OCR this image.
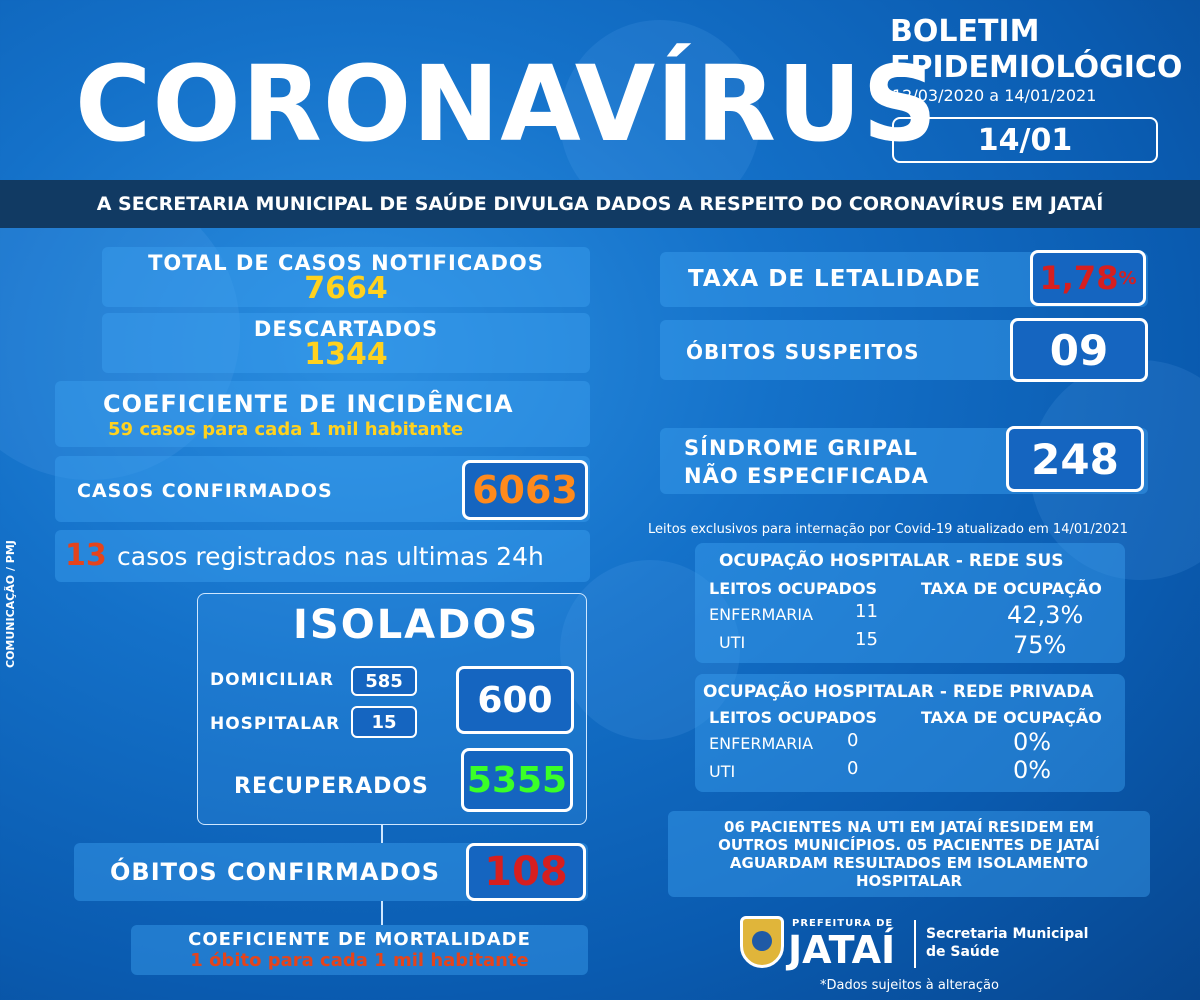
CORONAVÍRUS
BOLETIM
EPIDEMIOLÓGICO
12/03/2020 a 14/01/2021
14/01
A SECRETARIA MUNICIPAL DE SAÚDE DIVULGA DADOS A RESPEITO DO CORONAVÍRUS EM JATAÍ
TOTAL DE CASOS NOTIFICADOS
7664
DESCARTADOS
1344
COEFICIENTE DE INCIDÊNCIA
59 casos para cada 1 mil habitante
CASOS CONFIRMADOS	6063
13 casos registrados nas ultimas 24h
ISOLADOS
DOMICILIAR	585
HOSPITALAR	15
600
RECUPERADOS 5355
ÓBITOS CONFIRMADOS	108
COEFICIENTE DE MORTALIDADE
1 óbito para cada 1 mil habitante
TAXA DE LETALIDADE 1,78 %
ÓBITOS SUSPEITOS	09
SÍNDROME GRIPAL
NÃO ESPECIFICADA	248
Leitos exclusivos para internação por Covid-19 atualizado em 14/01/2021
OCUPAÇÃO HOSPITALAR - REDE SUS
LEITOS OCUPADOS	TAXA DE OCUPAÇÃO
ENFERMARIA 11	42,3%
UTI	15	75%
OCUPAÇÃO HOSPITALAR - REDE PRIVADA
LEITOS OCUPADOS	TAXA DE OCUPAÇÃO
ENFERMARIA 0	0%
UTI	0	0%
06 PACIENTES NA UTI EM JATAÍ RESIDEM EM
OUTROS MUNICÍPIOS. 05 PACIENTES DE JATAÍ
AGUARDAM RESULTADOS EM ISOLAMENTO
HOSPITALAR
PREFEITURA DE
JATAÍ Secretaria Municipal
de Saúde
*Dados sujeitos à alteração
COMUNICAÇÃO / PMJ
